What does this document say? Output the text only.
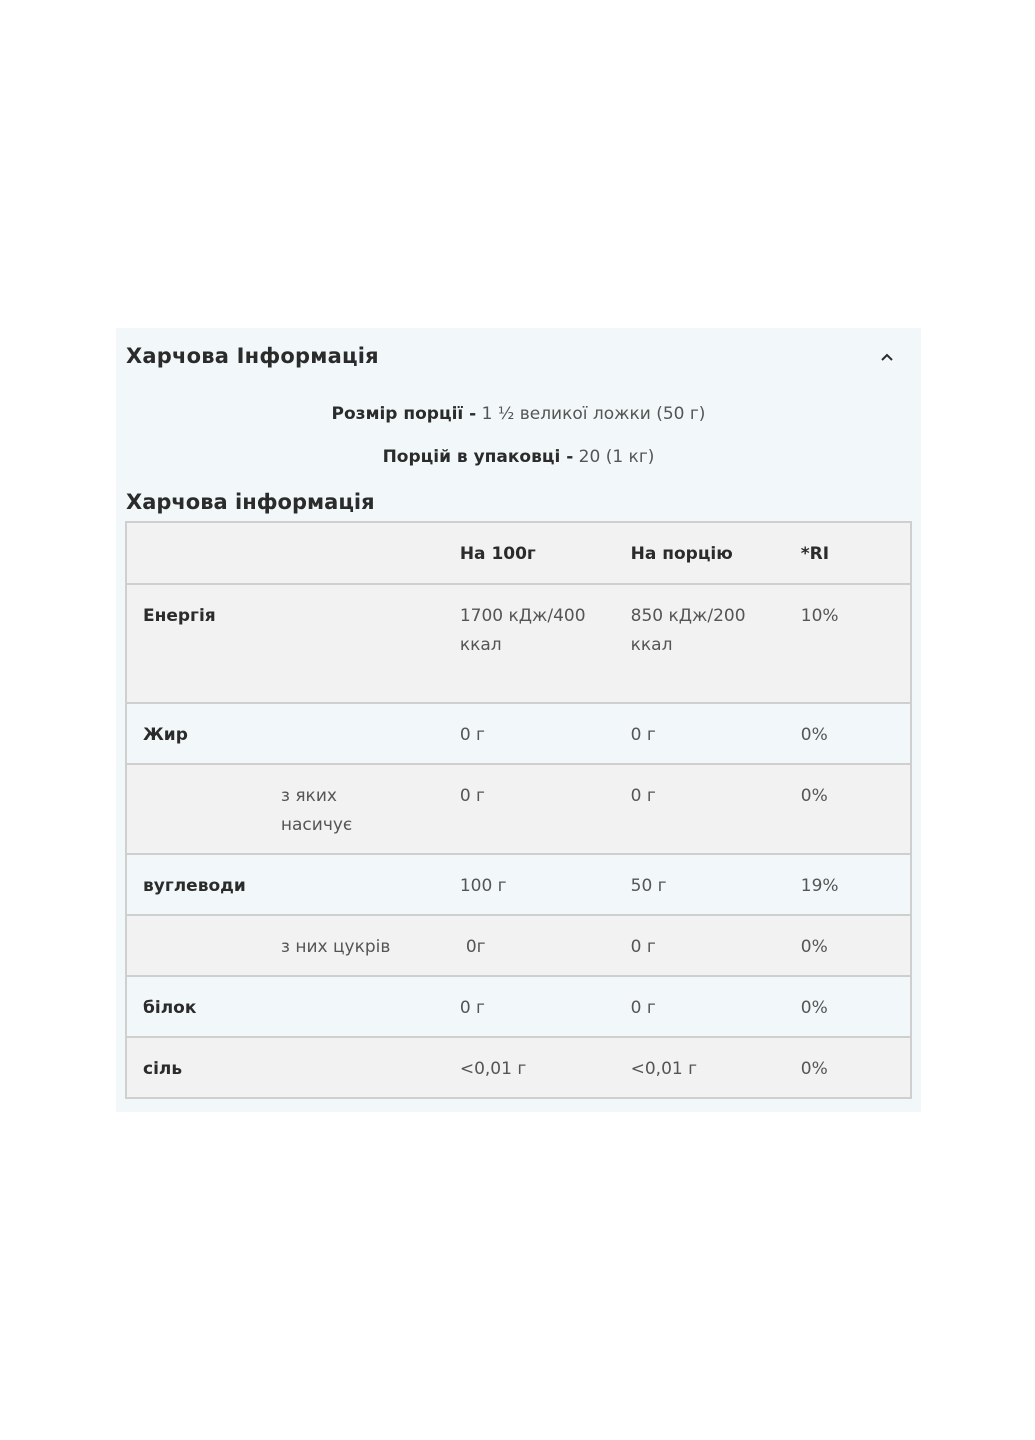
Харчова Інформація
Розмір порції - 1 ½ великої ложки (50 г)
Порцій в упаковці - 20 (1 кг)
Харчова інформація
		На 100г	На порцію	*RI
Енергія		1700 кДж/400 ккал	850 кДж/200 ккал	10%
Жир		0 г	0 г	0%
	з яких насичує	0 г	0 г	0%
вуглеводи		100 г	50 г	19%
	з них цукрів	0г	0 г	0%
білок		0 г	0 г	0%
сіль		<0,01 г	<0,01 г	0%
